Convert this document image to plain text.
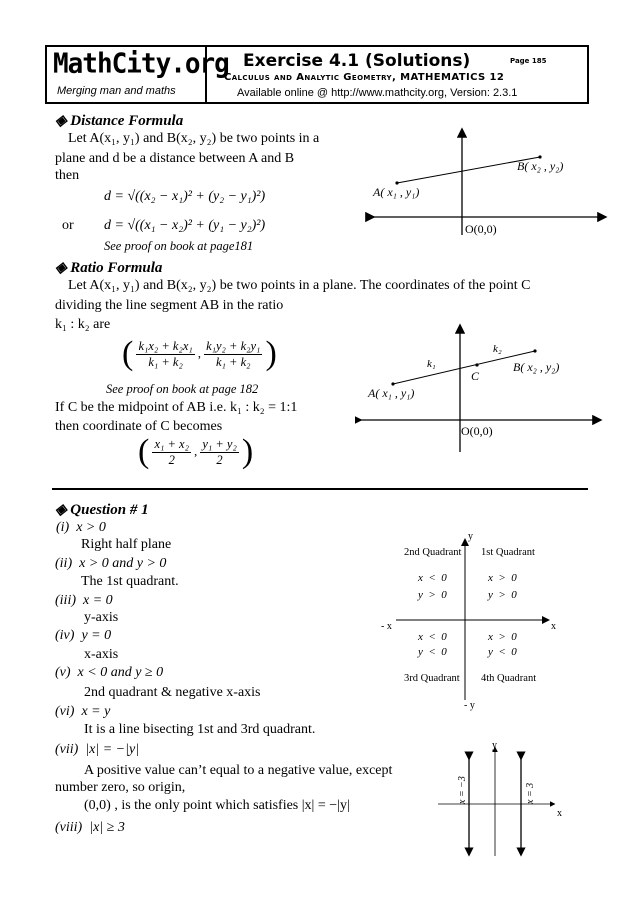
MathCity.org
Merging man and maths
Exercise 4.1 (Solutions)	Page 185
Calculus and Analytic Geometry, MATHEMATICS 12
Available online @ http://www.mathcity.org, Version: 2.3.1
◈ Distance Formula
Let A(x₁, y₁) and B(x₂, y₂) be two points in a
plane and d be a distance between A and B
then
d = √((x₂ − x₁)² + (y₂ − y₁)²)
or d = √((x₁ − x₂)² + (y₁ − y₂)²)
See proof on book at page181
A( x₁ , y₁)
B( x₂ , y₂)
O(0,0)
◈ Ratio Formula
Let A(x₁, y₁) and B(x₂, y₂) be two points in a plane. The coordinates of the point C
dividing the line segment AB in the ratio
k₁ : k₂ are
( $\frac{\text{k₁x₂ + k₂x₁}}{\text{k₁ + k₂}}$ , $\frac{\text{k₁y₂ + k₂y₁}}{\text{k₁ + k₂}}$ )
See proof on book at page 182
If C be the midpoint of AB i.e. k₁ : k₂ = 1:1
then coordinate of C becomes
( $\frac{\text{x₁ + x₂}}{2}$ , $\frac{\text{y₁ + y₂}}{2}$ )
A( x₁ , y₁)
B( x₂ , y₂)
C
k₁
k₂
O(0,0)
◈ Question # 1
(i) x > 0
Right half plane
(ii) x > 0 and y > 0
The 1st quadrant.
(iii) x = 0
y-axis
(iv) y = 0
x-axis
(v) x < 0 and y ≥ 0
2nd quadrant & negative x-axis
(vi) x = y
It is a line bisecting 1st and 3rd quadrant.
(vii) |x| = −|y|
A positive value can’t equal to a negative value, except
number zero, so origin,
(0,0) , is the only point which satisfies |x| = −|y|
(viii) |x| ≥ 3
y
- y
x
- x
2nd Quadrant 1st Quadrant
3rd Quadrant 4th Quadrant
x  <  0
y  >  0
x  >  0
y  >  0
x  <  0
y  <  0
x  >  0
y  <  0
y
x
x = −3	x = 3
